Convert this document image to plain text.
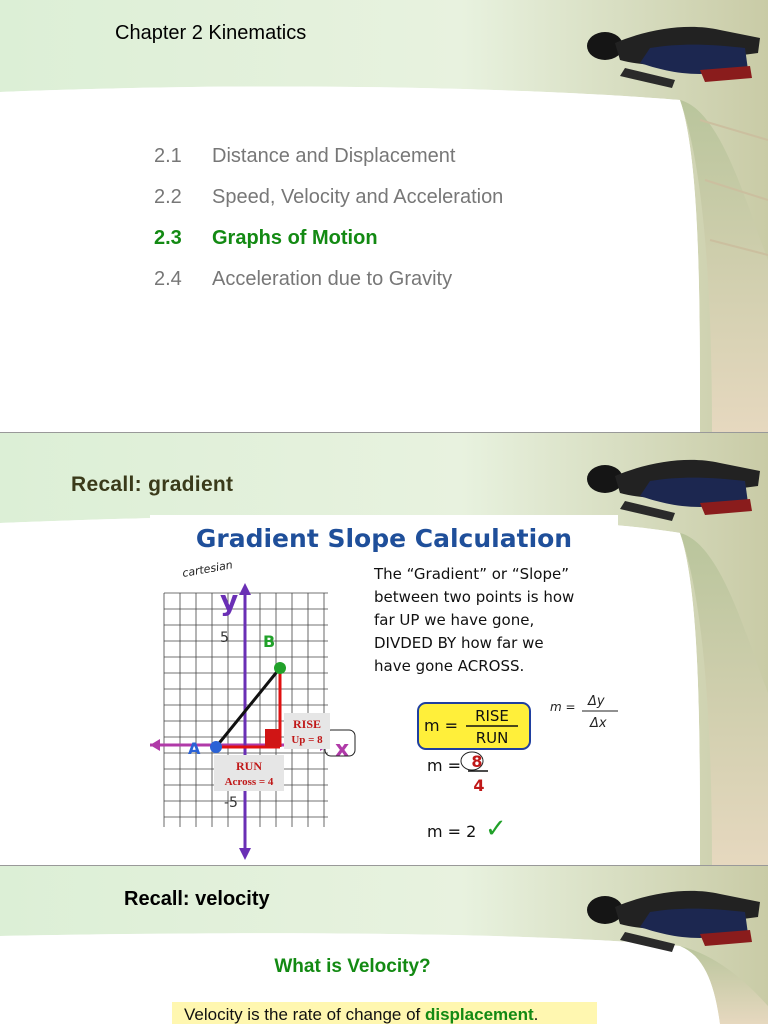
Chapter 2 Kinematics
2.1	Distance and Displacement
2.2	Speed, Velocity and Acceleration
2.3	Graphs of Motion
2.4	Acceleration due to Gravity
Recall: gradient
Gradient Slope Calculation
5
-5
y
cartesian
x
A
B
RISE
Up = 8
RUN
Across = 4
The “Gradient” or “Slope”
between two points is how
far UP we have gone,
DIVDED BY how far we
have gone ACROSS.
m = RISE
RUN
m = 8
4
m = 2 ✓
m = Δy
Δx
Recall: velocity
What is Velocity?
Velocity is the rate of change of displacement.
